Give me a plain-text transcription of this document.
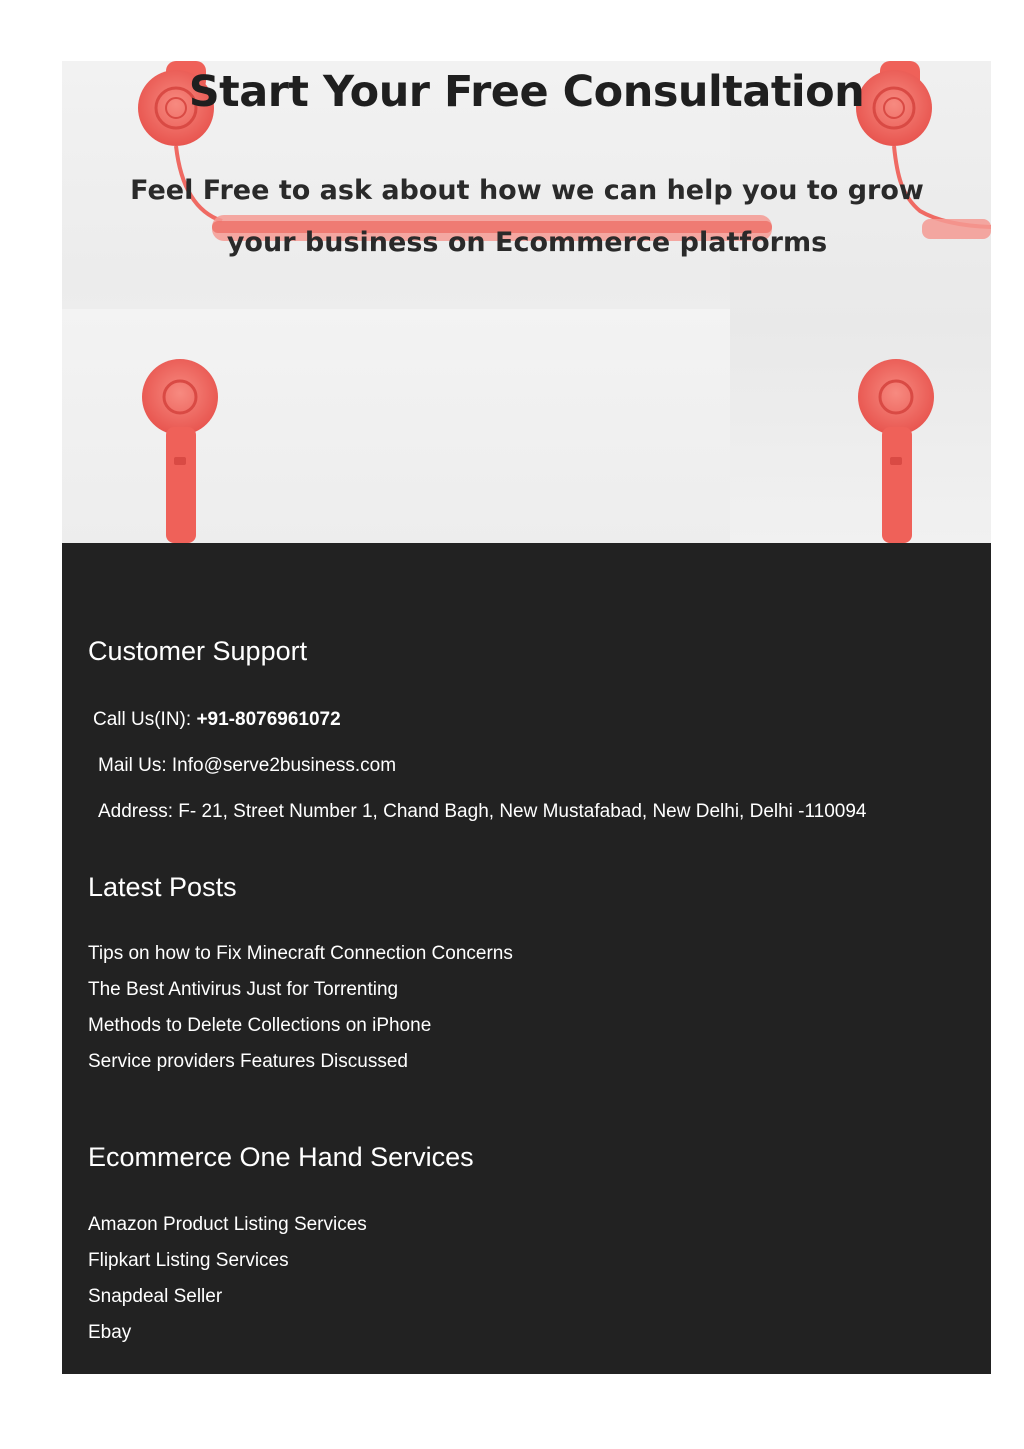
Start Your Free Consultation

Feel Free to ask about how we can help you to grow your business on Ecommerce platforms

Customer Support
Call Us(IN): +91-8076961072
Mail Us: Info@serve2business.com
Address: F- 21, Street Number 1, Chand Bagh, New Mustafabad, New Delhi, Delhi -110094
Latest Posts
Tips on how to Fix Minecraft Connection Concerns
The Best Antivirus Just for Torrenting
Methods to Delete Collections on iPhone
Service providers Features Discussed
Ecommerce One Hand Services
Amazon Product Listing Services
Flipkart Listing Services
Snapdeal Seller
Ebay
